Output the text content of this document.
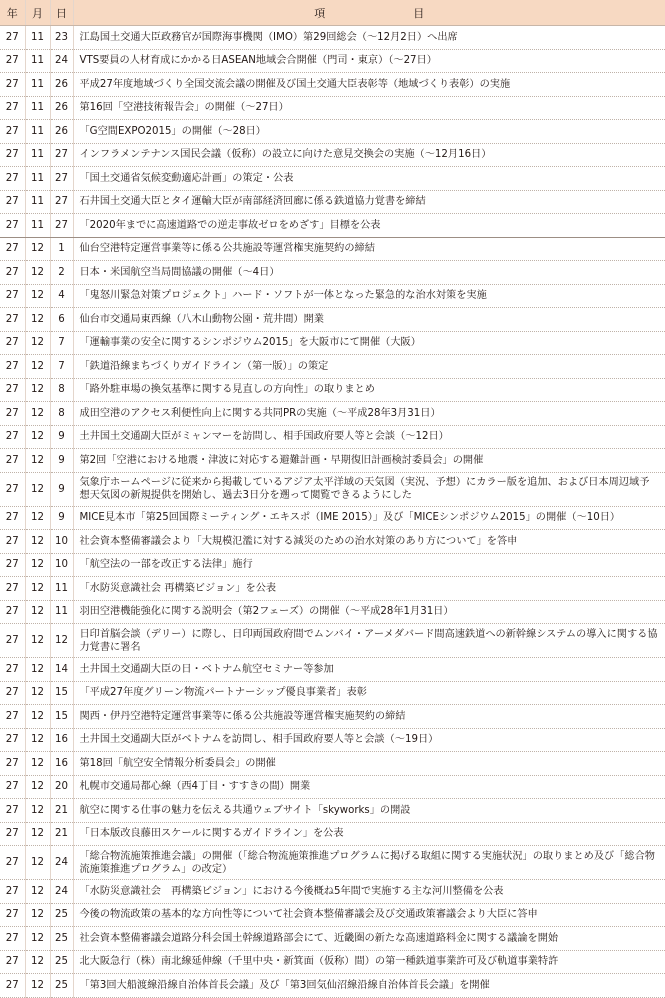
年	月	日	項　　　　　　　　目
27	11	23	江島国土交通大臣政務官が国際海事機関（IMO）第29回総会（～12月2日）へ出席
27	11	24	VTS要員の人材育成にかかる日ASEAN地域会合開催（門司・東京）（～27日）
27	11	26	平成27年度地域づくり全国交流会議の開催及び国土交通大臣表彰等（地域づくり表彰）の実施
27	11	26	第16回「空港技術報告会」の開催（～27日）
27	11	26	「G空間EXPO2015」の開催（～28日）
27	11	27	インフラメンテナンス国民会議（仮称）の設立に向けた意見交換会の実施（～12月16日）
27	11	27	「国土交通省気候変動適応計画」の策定・公表
27	11	27	石井国土交通大臣とタイ運輸大臣が南部経済回廊に係る鉄道協力覚書を締結
27	11	27	「2020年までに高速道路での逆走事故ゼロをめざす」目標を公表
27	12	1	仙台空港特定運営事業等に係る公共施設等運営権実施契約の締結
27	12	2	日本・米国航空当局間協議の開催（～4日）
27	12	4	「鬼怒川緊急対策プロジェクト」ハード・ソフトが一体となった緊急的な治水対策を実施
27	12	6	仙台市交通局東西線（八木山動物公園・荒井間）開業
27	12	7	「運輸事業の安全に関するシンポジウム2015」を大阪市にて開催（大阪）
27	12	7	「鉄道沿線まちづくりガイドライン（第一版）」の策定
27	12	8	「路外駐車場の換気基準に関する見直しの方向性」の取りまとめ
27	12	8	成田空港のアクセス利便性向上に関する共同PRの実施（～平成28年3月31日）
27	12	9	土井国土交通副大臣がミャンマーを訪問し、相手国政府要人等と会談（～12日）
27	12	9	第2回「空港における地震・津波に対応する避難計画・早期復旧計画検討委員会」の開催
27	12	9	気象庁ホームページに従来から掲載しているアジア太平洋域の天気図（実況、予想）にカラー版を追加、および日本周辺域予想天気図の新規提供を開始し、過去3日分を遡って閲覧できるようにした
27	12	9	MICE見本市「第25回国際ミーティング・エキスポ（IME 2015）」及び「MICEシンポジウム2015」の開催（～10日）
27	12	10	社会資本整備審議会より「大規模氾濫に対する減災のための治水対策のあり方について」を答申
27	12	10	「航空法の一部を改正する法律」施行
27	12	11	「水防災意識社会 再構築ビジョン」を公表
27	12	11	羽田空港機能強化に関する説明会（第2フェーズ）の開催（～平成28年1月31日）
27	12	12	日印首脳会談（デリー）に際し、日印両国政府間でムンバイ・アーメダバード間高速鉄道への新幹線システムの導入に関する協力覚書に署名
27	12	14	土井国土交通副大臣の日・ベトナム航空セミナー等参加
27	12	15	「平成27年度グリーン物流パートナーシップ優良事業者」表彰
27	12	15	関西・伊丹空港特定運営事業等に係る公共施設等運営権実施契約の締結
27	12	16	土井国土交通副大臣がベトナムを訪問し、相手国政府要人等と会談（～19日）
27	12	16	第18回「航空安全情報分析委員会」の開催
27	12	20	札幌市交通局都心線（西4丁目・すすきの間）開業
27	12	21	航空に関する仕事の魅力を伝える共通ウェブサイト「skyworks」の開設
27	12	21	「日本版改良藤田スケールに関するガイドライン」を公表
27	12	24	「総合物流施策推進会議」の開催（「総合物流施策推進プログラムに掲げる取組に関する実施状況」の取りまとめ及び「総合物流施策推進プログラム」の改定）
27	12	24	「水防災意識社会　再構築ビジョン」における今後概ね5年間で実施する主な河川整備を公表
27	12	25	今後の物流政策の基本的な方向性等について社会資本整備審議会及び交通政策審議会より大臣に答申
27	12	25	社会資本整備審議会道路分科会国土幹線道路部会にて、近畿圏の新たな高速道路料金に関する議論を開始
27	12	25	北大阪急行（株）南北線延伸線（千里中央・新箕面（仮称）間）の第一種鉄道事業許可及び軌道事業特許
27	12	25	「第3回大船渡線沿線自治体首長会議」及び「第3回気仙沼線沿線自治体首長会議」を開催
